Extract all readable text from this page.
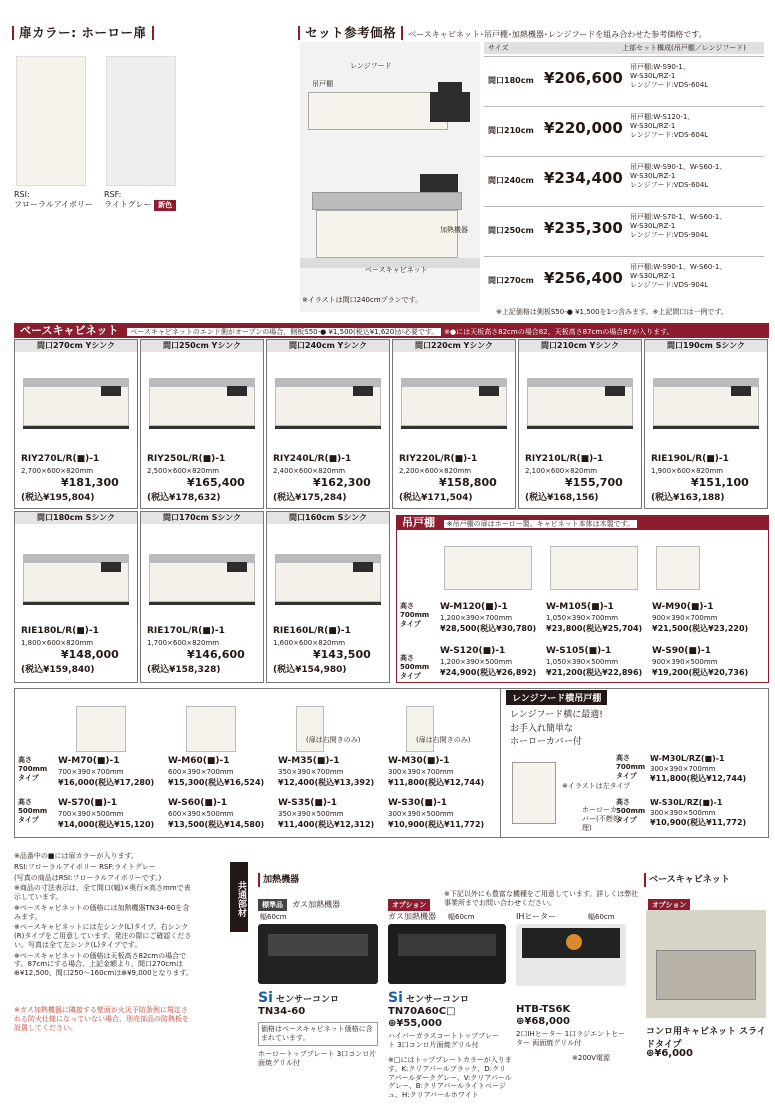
扉カラー: ホーロー扉
RSI:
フローラルアイボリー
RSF:
ライトグレー 新色
セット参考価格 ベースキャビネット･吊戸棚･加熱機器･レンジフードを組み合わせた参考価格です。
レンジフード
吊戸棚
加熱機器
ベースキャビネット
※イラストは間口240cmプランです。
サイズ		上部セット構成(吊戸棚／レンジフード)
間口180cm ¥206,600
吊戸棚:W-S90-1、
W-S30L/RZ-1
レンジフード:VDS-604L
間口210cm ¥220,000
吊戸棚:W-S120-1、
W-S30L/RZ-1
レンジフード:VDS-604L
間口240cm ¥234,400
吊戸棚:W-S90-1、W-S60-1、
W-S30L/RZ-1
レンジフード:VDS-604L
間口250cm ¥235,300
吊戸棚:W-S70-1、W-S60-1、
W-S30L/RZ-1
レンジフード:VDS-904L
間口270cm ¥256,400
吊戸棚:W-S90-1、W-S60-1、
W-S30L/RZ-1
レンジフード:VDS-904L
※上記価格は側板S50-● ¥1,500を1つ含みます。※上記間口は一例です。
ベースキャビネット ベースキャビネットのエンド側がオープンの場合、側板S50-● ¥1,500(税込¥1,620)が必要です。 ※●には天板高さ82cmの場合82、天板高さ87cmの場合87が入ります。
間口270cm Yシンク
RIY270L/R(■)-1
2,700×600×820mm
¥181,300
(税込¥195,804)
間口250cm Yシンク
RIY250L/R(■)-1
2,500×600×820mm
¥165,400
(税込¥178,632)
間口240cm Yシンク
RIY240L/R(■)-1
2,400×600×820mm
¥162,300
(税込¥175,284)
間口220cm Yシンク
RIY220L/R(■)-1
2,200×600×820mm
¥158,800
(税込¥171,504)
間口210cm Yシンク
RIY210L/R(■)-1
2,100×600×820mm
¥155,700
(税込¥168,156)
間口190cm Sシンク
RIE190L/R(■)-1
1,900×600×820mm
¥151,100
(税込¥163,188)
間口180cm Sシンク
RIE180L/R(■)-1
1,800×600×820mm
¥148,000
(税込¥159,840)
間口170cm Sシンク
RIE170L/R(■)-1
1,700×600×820mm
¥146,600
(税込¥158,328)
間口160cm Sシンク
RIE160L/R(■)-1
1,600×600×820mm
¥143,500
(税込¥154,980)
吊戸棚 ※吊戸棚の扉はホーロー製、キャビネット本体は木製です。
高さ700mmタイプ
W-M120(■)-1
1,200×390×700mm
¥28,500(税込¥30,780)
W-M105(■)-1
1,050×390×700mm
¥23,800(税込¥25,704)
W-M90(■)-1
900×390×700mm
¥21,500(税込¥23,220)
高さ500mmタイプ
W-S120(■)-1
1,200×390×500mm
¥24,900(税込¥26,892)
W-S105(■)-1
1,050×390×500mm
¥21,200(税込¥22,896)
W-S90(■)-1
900×390×500mm
¥19,200(税込¥20,736)
高さ700mmタイプ
W-M70(■)-1
700×390×700mm
¥16,000(税込¥17,280)
W-M60(■)-1
600×390×700mm
¥15,300(税込¥16,524)
(扉は右開きのみ)
W-M35(■)-1
350×390×700mm
¥12,400(税込¥13,392)
(扉は右開きのみ)
W-M30(■)-1
300×390×700mm
¥11,800(税込¥12,744)
高さ500mmタイプ
W-S70(■)-1
700×390×500mm
¥14,000(税込¥15,120)
W-S60(■)-1
600×390×500mm
¥13,500(税込¥14,580)
W-S35(■)-1
350×390×500mm
¥11,400(税込¥12,312)
W-S30(■)-1
300×390×500mm
¥10,900(税込¥11,772)
レンジフード横吊戸棚
レンジフード横に最適!
お手入れ簡単な
ホーローカバー付
※イラストは左タイプ
ホーローカバー(不燃処理)
高さ700mmタイプ
W-M30L/RZ(■)-1
300×390×700mm
¥11,800(税込¥12,744)
高さ500mmタイプ
W-S30L/RZ(■)-1
300×390×500mm
¥10,900(税込¥11,772)
※品番中の■には扉カラーが入ります。
RSI:フローラルアイボリー RSF:ライトグレー
(写真の商品はRSI:フローラルアイボリーです。)
※商品の寸法表示は、全て間口(幅)×奥行×高さmmで表示しています。
※ベースキャビネットの価格には加熱機器TN34-60を含みます。
※ベースキャビネットには左シンク(L)タイプ、右シンク(R)タイプをご用意しています。発注の際にご確認ください。写真は全て左シンク(L)タイプです。
※ベースキャビネットの価格は天板高さ82cmの場合です。87cmにする場合、上記金額より、間口270cmは⊕¥12,500、間口250〜160cmは⊕¥9,000となります。
※ガス加熱機器に隣接する壁面が火災予防条例に規定される防火仕様になっていない場合、別売部品の防熱板を設置してください。
共通部材
加熱機器
標準品 ガス加熱機器
幅60cm
Si センサーコンロ
TN34-60
価格はベースキャビネット価格に含まれています。
ホーロートッププレート 3口コンロ片面焼グリル付
オプション
※下記以外にも豊富な機種をご用意しています。詳しくは弊社事業所までお問い合わせください。
ガス加熱機器 幅60cm
Si センサーコンロ
TN70A60C□
⊕¥55,000
ハイパーガラスコートトッププレート 3口コンロ片面焼グリル付
※□にはトッププレートカラーが入ります。K:クリアパールブラック、D:クリアパールダークグレー、V:クリアパールグレー、B:クリアパールライトベージュ、H:クリアパールホワイト
IHヒーター	幅60cm
HTB-TS6K
⊕¥68,000
2口IHヒーター 1口ラジエントヒーター 両面焼グリル付
※200V電源
ベースキャビネット
オプション
コンロ用キャビネット スライドタイプ
⊕¥6,000
